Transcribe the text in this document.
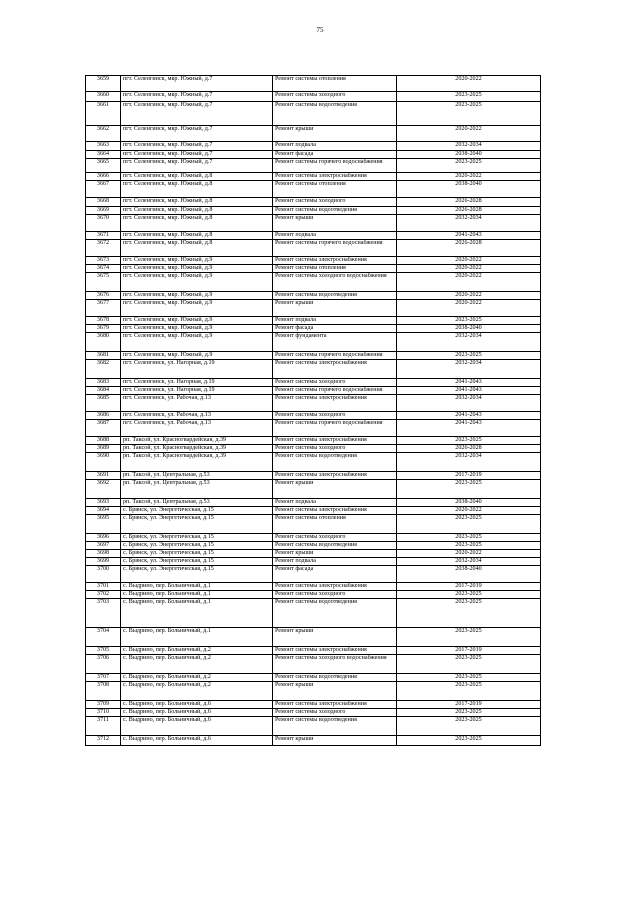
75
3659	пгт. Селенгинск, мкр. Южный, д.7	Ремонт системы отопления	2020-2022
3660	пгт. Селенгинск, мкр. Южный, д.7	Ремонт системы холодного	2023-2025
3661	пгт. Селенгинск, мкр. Южный, д.7	Ремонт системы водоотведения	2023-2025
3662	пгт. Селенгинск, мкр. Южный, д.7	Ремонт крыши	2020-2022
3663	пгт. Селенгинск, мкр. Южный, д.7	Ремонт подвала	2032-2034
3664	пгт. Селенгинск, мкр. Южный, д.7	Ремонт фасада	2038-2040
3665	пгт. Селенгинск, мкр. Южный, д.7	Ремонт системы горячего водоснабжения	2023-2025
3666	пгт. Селенгинск, мкр. Южный, д.8	Ремонт системы электроснабжения	2020-2022
3667	пгт. Селенгинск, мкр. Южный, д.8	Ремонт системы отопления	2038-2040
3668	пгт. Селенгинск, мкр. Южный, д.8	Ремонт системы холодного	2026-2028
3669	пгт. Селенгинск, мкр. Южный, д.8	Ремонт системы водоотведения	2026-2028
3670	пгт. Селенгинск, мкр. Южный, д.8	Ремонт крыши	2032-2034
3671	пгт. Селенгинск, мкр. Южный, д.8	Ремонт подвала	2041-2043
3672	пгт. Селенгинск, мкр. Южный, д.8	Ремонт системы горячего водоснабжения	2026-2028
3673	пгт. Селенгинск, мкр. Южный, д.9	Ремонт системы электроснабжения	2020-2022
3674	пгт. Селенгинск, мкр. Южный, д.9	Ремонт системы отопления	2020-2022
3675	пгт. Селенгинск, мкр. Южный, д.9	Ремонт системы холодного водоснабжения	2020-2022
3676	пгт. Селенгинск, мкр. Южный, д.9	Ремонт системы водоотведения	2020-2022
3677	пгт. Селенгинск, мкр. Южный, д.9	Ремонт крыши	2020-2022
3678	пгт. Селенгинск, мкр. Южный, д.9	Ремонт подвала	2023-2025
3679	пгт. Селенгинск, мкр. Южный, д.9	Ремонт фасада	2038-2040
3680	пгт. Селенгинск, мкр. Южный, д.9	Ремонт фундамента	2032-2034
3681	пгт. Селенгинск, мкр. Южный, д.9	Ремонт системы горячего водоснабжения	2023-2025
3682	пгт. Селенгинск, ул. Нагорная, д.19	Ремонт системы электроснабжения	2032-2034
3683	пгт. Селенгинск, ул. Нагорная, д.19	Ремонт системы холодного	2041-2043
3684	пгт. Селенгинск, ул. Нагорная, д.19	Ремонт системы горячего водоснабжения	2041-2043
3685	пгт. Селенгинск, ул. Рабочая, д.13	Ремонт системы электроснабжения	2032-2034
3686	пгт. Селенгинск, ул. Рабочая, д.13	Ремонт системы холодного	2041-2043
3687	пгт. Селенгинск, ул. Рабочая, д.13	Ремонт системы горячего водоснабжения	2041-2043
3688	рп. Таксой, ул. Красногвардейская, д.39	Ремонт системы электроснабжения	2023-2025
3689	рп. Таксой, ул. Красногвардейская, д.39	Ремонт системы холодного	2026-2028
3690	рп. Таксой, ул. Красногвардейская, д.39	Ремонт системы водоотведения	2032-2034
3691	рп. Таксой, ул. Центральная, д.53	Ремонт системы электроснабжения	2017-2019
3692	рп. Таксой, ул. Центральная, д.53	Ремонт крыши	2023-2025
3693	рп. Таксой, ул. Центральная, д.53	Ремонт подвала	2038-2040
3694	с. Брянск, ул. Энергетическая, д.15	Ремонт системы электроснабжения	2020-2022
3695	с. Брянск, ул. Энергетическая, д.15	Ремонт системы отопления	2023-2025
3696	с. Брянск, ул. Энергетическая, д.15	Ремонт системы холодного	2023-2025
3697	с. Брянск, ул. Энергетическая, д.15	Ремонт системы водоотведения	2023-2025
3698	с. Брянск, ул. Энергетическая, д.15	Ремонт крыши	2020-2022
3699	с. Брянск, ул. Энергетическая, д.15	Ремонт подвала	2032-2034
3700	с. Брянск, ул. Энергетическая, д.15	Ремонт фасада	2038-2040
3701	с. Выдрино, пер. Больничный, д.1	Ремонт системы электроснабжения	2017-2019
3702	с. Выдрино, пер. Больничный, д.1	Ремонт системы холодного	2023-2025
3703	с. Выдрино, пер. Больничный, д.1	Ремонт системы водоотведения	2023-2025
3704	с. Выдрино, пер. Больничный, д.1	Ремонт крыши	2023-2025
3705	с. Выдрино, пер. Больничный, д.2	Ремонт системы электроснабжения	2017-2019
3706	с. Выдрино, пер. Больничный, д.2	Ремонт системы холодного водоснабжения	2023-2025
3707	с. Выдрино, пер. Больничный, д.2	Ремонт системы водоотведения	2023-2025
3708	с. Выдрино, пер. Больничный, д.2	Ремонт крыши	2023-2025
3709	с. Выдрино, пер. Больничный, д.6	Ремонт системы электроснабжения	2017-2019
3710	с. Выдрино, пер. Больничный, д.6	Ремонт системы холодного	2023-2025
3711	с. Выдрино, пер. Больничный, д.6	Ремонт системы водоотведения	2023-2025
3712	с. Выдрино, пер. Больничный, д.6	Ремонт крыши	2023-2025
